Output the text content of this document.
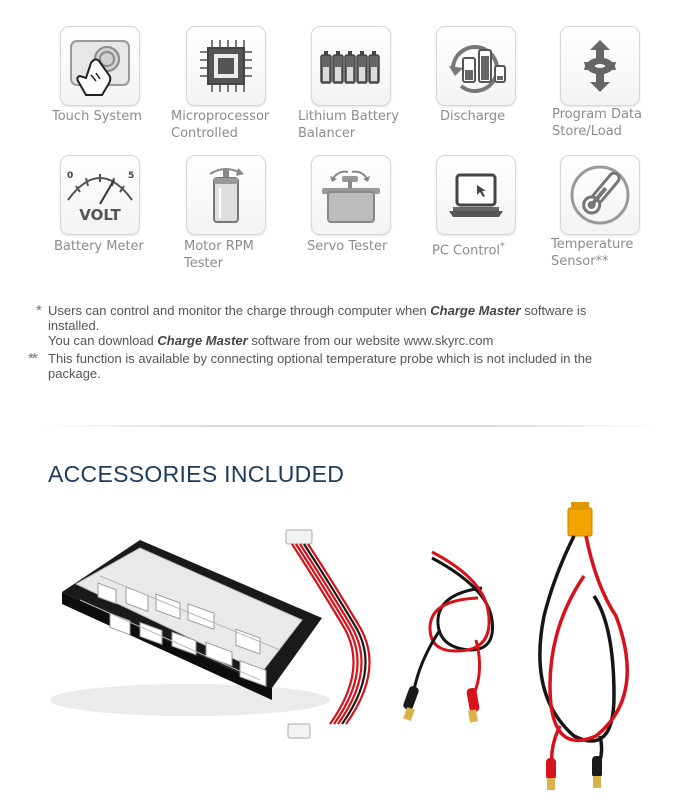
Touch System Microprocessor
Controlled
Lithium Battery
Balancer
Discharge	Program Data
Store/Load
0	5
VOLT
Battery Meter	Motor RPM
Tester
Servo Tester	PC Control*	Temperature
Sensor**
* Users can control and monitor the charge through computer when Charge Master software is
installed.
You can download Charge Master software from our website www.skyrc.com
** This function is available by connecting optional temperature probe which is not included in the
package.
ACCESSORIES INCLUDED
